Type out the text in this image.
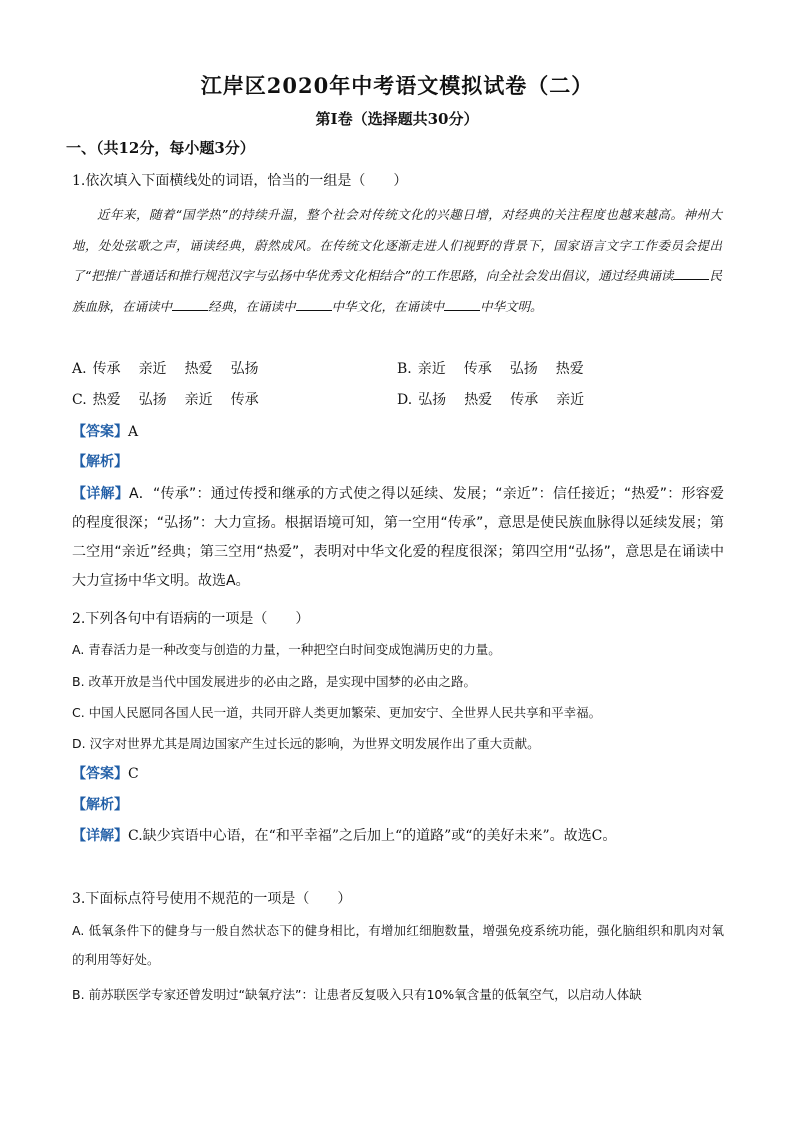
江岸区2020年中考语文模拟试卷（二）
第Ⅰ卷（选择题共30分）
一、（共12分，每小题3分）
1.依次填入下面横线处的词语，恰当的一组是（　　）

近年来，随着“国学热”的持续升温，整个社会对传统文化的兴趣日增，对经典的关注程度也越来越高。神州大地，处处弦歌之声，诵读经典，蔚然成风。在传统文化逐渐走进人们视野的背景下，国家语言文字工作委员会提出了“把推广普通话和推行规范汉字与弘扬中华优秀文化相结合”的工作思路，向全社会发出倡议，通过经典诵读	民族血脉，在诵读中	经典，在诵读中	中华文化，在诵读中	中华文明。

A. 传承 亲近 热爱 弘扬	B. 亲近 传承 弘扬 热爱
C. 热爱 弘扬 亲近 传承	D. 弘扬 热爱 传承 亲近
【答案】A
【解析】

【详解】A．“传承”：通过传授和继承的方式使之得以延续、发展；“亲近”：信任接近；“热爱”：形容爱的程度很深；“弘扬”：大力宣扬。根据语境可知，第一空用“传承”，意思是使民族血脉得以延续发展；第二空用“亲近”经典；第三空用“热爱”，表明对中华文化爱的程度很深；第四空用“弘扬”，意思是在诵读中大力宣扬中华文明。故选A。

2.下列各句中有语病的一项是（　　）
A. 青春活力是一种改变与创造的力量，一种把空白时间变成饱满历史的力量。
B. 改革开放是当代中国发展进步的必由之路，是实现中国梦的必由之路。
C. 中国人民愿同各国人民一道，共同开辟人类更加繁荣、更加安宁、全世界人民共享和平幸福。
D. 汉字对世界尤其是周边国家产生过长远的影响，为世界文明发展作出了重大贡献。
【答案】C
【解析】
【详解】C.缺少宾语中心语，在“和平幸福”之后加上“的道路”或“的美好未来”。故选C。
3.下面标点符号使用不规范的一项是（　　）

A. 低氧条件下的健身与一般自然状态下的健身相比，有增加红细胞数量，增强免疫系统功能，强化脑组织和肌肉对氧的利用等好处。

B. 前苏联医学专家还曾发明过“缺氧疗法”：让患者反复吸入只有10%氧含量的低氧空气，以启动人体缺
